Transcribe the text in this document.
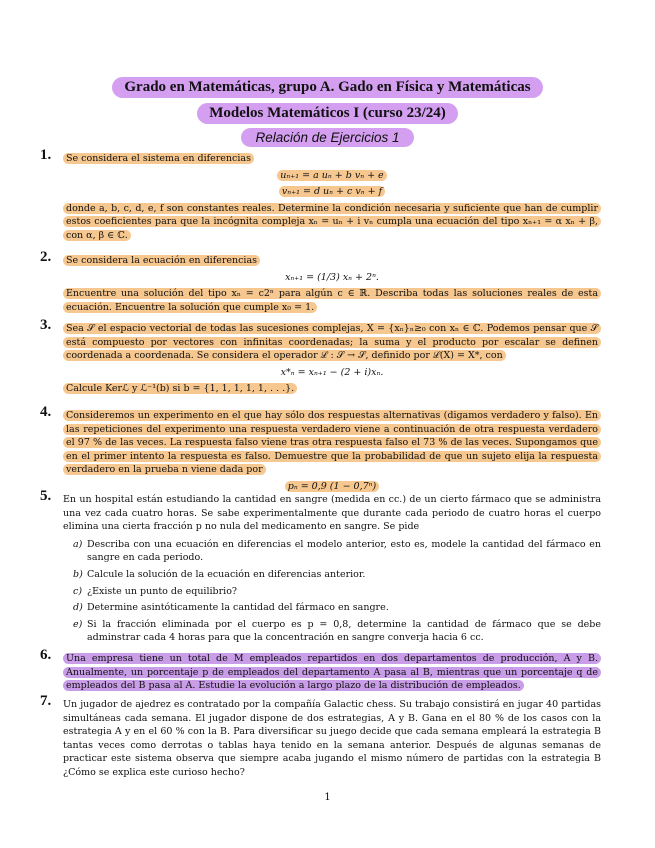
Grado en Matemáticas, grupo A. Gado en Física y Matemáticas
Modelos Matemáticos I (curso 23/24)
Relación de Ejercicios 1
1.	Se considera el sistema en diferencias

uₙ₊₁ = a uₙ + b vₙ + e
vₙ₊₁ = d uₙ + c vₙ + f

donde a, b, c, d, e, f son constantes reales. Determine la condición necesaria y suficiente que han de cumplir estos coeficientes para que la incógnita compleja xₙ = uₙ + i vₙ cumpla una ecuación del tipo xₙ₊₁ = α xₙ + β, con α, β ∈ ℂ.

2.	Se considera la ecuación en diferencias

xₙ₊₁ = (1/3) xₙ + 2ⁿ.

Encuentre una solución del tipo xₙ = c2ⁿ para algún c ∈ ℝ. Describa todas las soluciones reales de esta ecuación. Encuentre la solución que cumple x₀ = 1.

3.	Sea 𝒮 el espacio vectorial de todas las sucesiones complejas, X = {xₙ}ₙ≥₀ con xₙ ∈ ℂ. Podemos pensar que 𝒮 está compuesto por vectores con infinitas coordenadas; la suma y el producto por escalar se definen coordenada a coordenada. Se considera el operador ℒ : 𝒮 → 𝒮, definido por ℒ(X) = X*, con

x*ₙ = xₙ₊₁ − (2 + i)xₙ.

Calcule Kerℒ y ℒ⁻¹(b) si b = {1, 1, 1, 1, 1, . . .}.

4.	Consideremos un experimento en el que hay sólo dos respuestas alternativas (digamos verdadero y falso). En las repeticiones del experimento una respuesta verdadero viene a continuación de otra respuesta verdadero el 97 % de las veces. La respuesta falso viene tras otra respuesta falso el 73 % de las veces. Supongamos que en el primer intento la respuesta es falso. Demuestre que la probabilidad de que un sujeto elija la respuesta verdadero en la prueba n viene dada por

pₙ = 0,9 (1 − 0,7ⁿ)
5. En un hospital están estudiando la cantidad en sangre (medida en cc.) de un cierto fármaco que se administra una vez cada cuatro horas. Se sabe experimentalmente que durante cada periodo de cuatro horas el cuerpo elimina una cierta fracción p no nula del medicamento en sangre. Se pide

a) Describa con una ecuación en diferencias el modelo anterior, esto es, modele la cantidad del fármaco en sangre en cada periodo.
b) Calcule la solución de la ecuación en diferencias anterior.
c) ¿Existe un punto de equilibrio?
d) Determine asintóticamente la cantidad del fármaco en sangre.
e) Si la fracción eliminada por el cuerpo es p = 0,8, determine la cantidad de fármaco que se debe adminstrar cada 4 horas para que la concentración en sangre converja hacia 6 cc.
6.	Una empresa tiene un total de M empleados repartidos en dos departamentos de producción, A y B. Anualmente, un porcentaje p de empleados del departamento A pasa al B, mientras que un porcentaje q de empleados del B pasa al A. Estudie la evolución a largo plazo de la distribución de empleados.

7. Un jugador de ajedrez es contratado por la compañía Galactic chess. Su trabajo consistirá en jugar 40 partidas simultáneas cada semana. El jugador dispone de dos estrategias, A y B. Gana en el 80 % de los casos con la estrategia A y en el 60 % con la B. Para diversificar su juego decide que cada semana empleará la estrategia B tantas veces como derrotas o tablas haya tenido en la semana anterior. Después de algunas semanas de practicar este sistema observa que siempre acaba jugando el mismo número de partidas con la estrategia B ¿Cómo se explica este curioso hecho?

1
